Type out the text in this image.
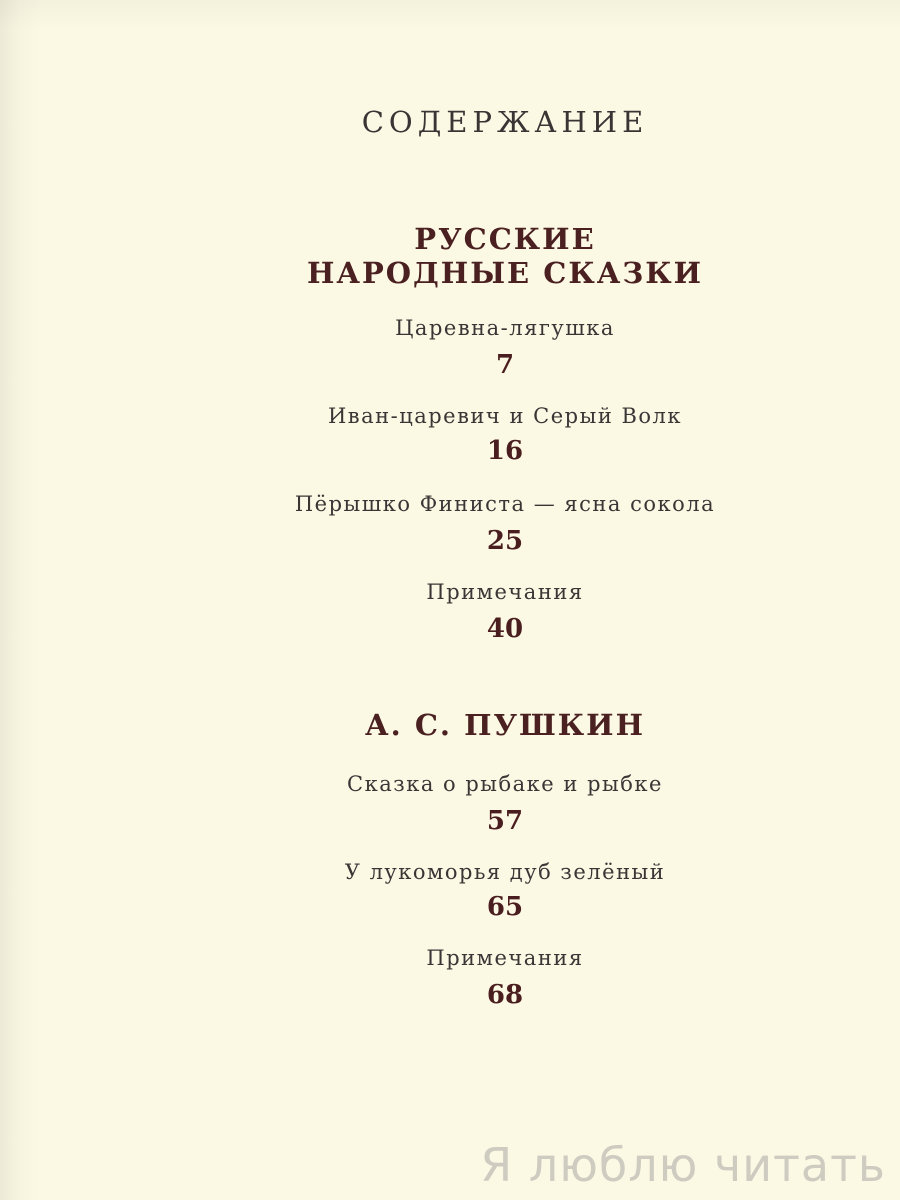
СОДЕРЖАНИЕ
РУССКИЕ
НАРОДНЫЕ СКАЗКИ
Царевна-лягушка
7
Иван-царевич и Серый Волк
16
Пёрышко Финиста — ясна сокола
25
Примечания
40
А. С. ПУШКИН
Сказка о рыбаке и рыбке
57
У лукоморья дуб зелёный
65
Примечания
68
Я люблю читать
